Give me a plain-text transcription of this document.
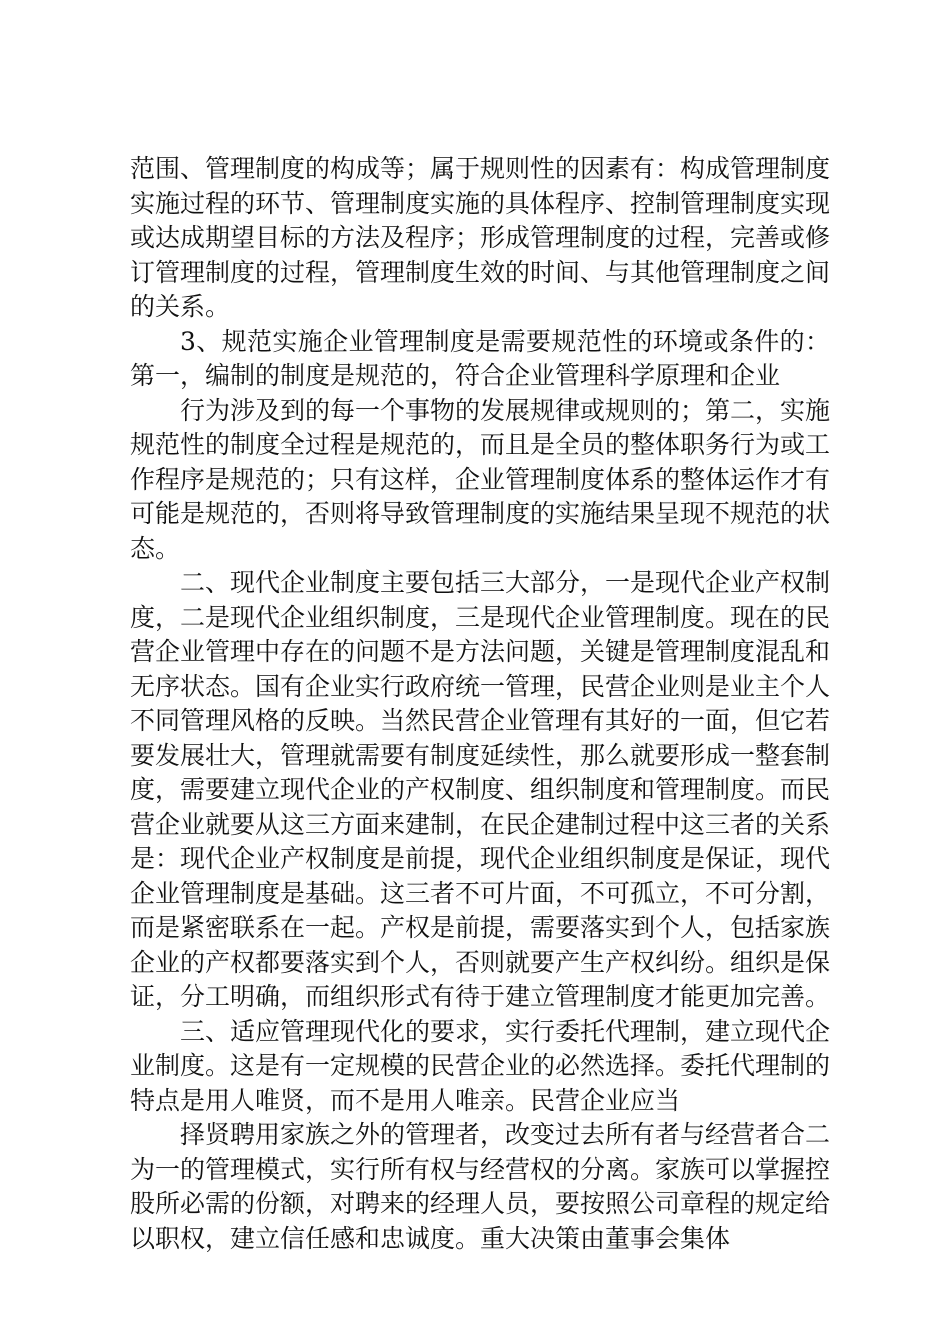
范围、管理制度的构成等；属于规则性的因素有：构成管理制度实施过程的环节、管理制度实施的具体程序、控制管理制度实现或达成期望目标的方法及程序；形成管理制度的过程，完善或修订管理制度的过程，管理制度生效的时间、与其他管理制度之间的关系。

3、规范实施企业管理制度是需要规范性的环境或条件的：第一，编制的制度是规范的，符合企业管理科学原理和企业

行为涉及到的每一个事物的发展规律或规则的；第二，实施规范性的制度全过程是规范的，而且是全员的整体职务行为或工作程序是规范的；只有这样，企业管理制度体系的整体运作才有可能是规范的，否则将导致管理制度的实施结果呈现不规范的状态。

二、现代企业制度主要包括三大部分，一是现代企业产权制度，二是现代企业组织制度，三是现代企业管理制度。现在的民营企业管理中存在的问题不是方法问题，关键是管理制度混乱和无序状态。国有企业实行政府统一管理，民营企业则是业主个人不同管理风格的反映。当然民营企业管理有其好的一面，但它若要发展壮大，管理就需要有制度延续性，那么就要形成一整套制度，需要建立现代企业的产权制度、组织制度和管理制度。而民营企业就要从这三方面来建制，在民企建制过程中这三者的关系是：现代企业产权制度是前提，现代企业组织制度是保证，现代企业管理制度是基础。这三者不可片面，不可孤立，不可分割，而是紧密联系在一起。产权是前提，需要落实到个人，包括家族企业的产权都要落实到个人，否则就要产生产权纠纷。组织是保证，分工明确，而组织形式有待于建立管理制度才能更加完善。

三、适应管理现代化的要求，实行委托代理制，建立现代企业制度。这是有一定规模的民营企业的必然选择。委托代理制的特点是用人唯贤，而不是用人唯亲。民营企业应当

择贤聘用家族之外的管理者，改变过去所有者与经营者合二为一的管理模式，实行所有权与经营权的分离。家族可以掌握控股所必需的份额，对聘来的经理人员，要按照公司章程的规定给以职权，建立信任感和忠诚度。重大决策由董事会集体
